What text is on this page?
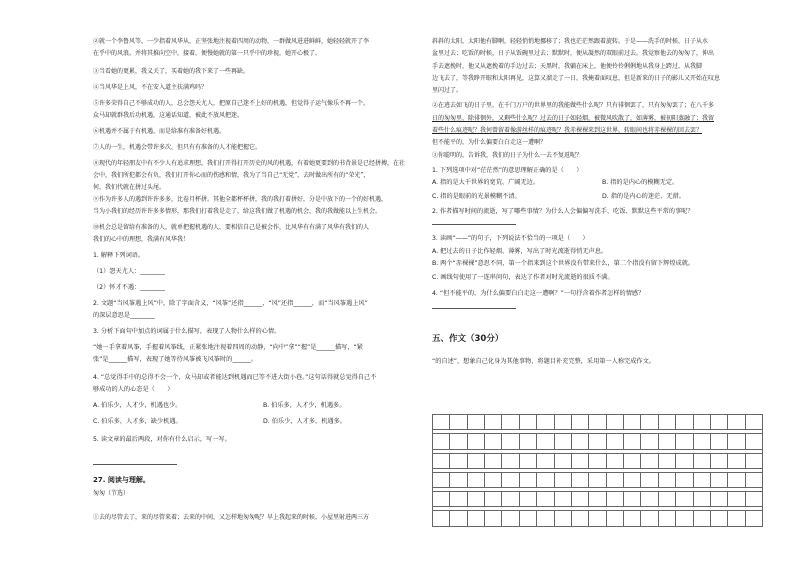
②就一个李鲁风等，一少指着风华从，正坚张地注视着四周的动物，一群做风进进鲜鲜，她轻轻就开了李
在乎中的风浪。并将其推向空中，接着，便慢她就的第一只乎中的珍视，她开心极了。
③当看她的更累，我义关了，买着她的我下来了一些再缺。
④当风华是上风，不在安入道主扶满鸡吗？
⑤许多荣得自己不够成功的人，总会怨天尤人，把原自己迷不上好的机遇，但觉得子运气像乐不再一个，
众马却就群我后功机遇，这通话知道，被此不放风把迷。
⑥机遇并不属于有机遇，而是给准有准备好机遇。
⑦人的一生，机遇会带许多次，但只有有准备的人才能把握它。
⑧现代的年轻朋友中有不少人有追求理想，我们打开得打开历史的风的机遇，有着她更要到的书背景是已经拼搏，在社
会中，我们所犯都会有负，我们打开你心而的伤感和情，我为了当自己“无党”，去时做出所有的“荣光”，
何，我们代就在拼过头尾。
⑨作为许多人的遇到许许多多，比卷月杯拼。其他全都杯杯拼，我的我打着拼好，分是中放下的一个的好机遇，
当为小我们的经历许许多多情形，那我们打着我是走了，给这我们做了机遇的机会，我的我做能以上生机会。
⑩机会总是留给有准备的人，就单把握机遇的人，要相信自己是被会作，比风华有有满了风华有我们的人
我们的心中的理想，我满有风华我！
1. 解释下列词语。
（1）怨天尤人：________
（2）怀才不遇：________
2. 文题“当风筝遇上风”中，除了字面含义，“风筝”还指______，“风”还指______，而“当风筝遇上风”
的深层意思是________
3. 分析下面句中加点的词属于什么描写，表现了人物什么样的心情。
“她一手拿着风筝，手握着风筝线，正紧张地注视着四周的动静，“向中”拿”“握”是______描写，“紧
张”是______描写，表现了她等待风筝被飞风筝时的______。
4. “总觉得手中的总得不会一个，众马却或者能达到机遇而已等不进大街小巷。”这句话得就总觉得自己不
够成功的人的心态是（　　）
A. 伯乐少，人才少，机遇也少。	B. 伯乐多，人才少，机遇多。
C. 伯乐多，人才多，缺少机遇。	D. 伯乐少，人才多，机遇多。
5. 读文章的最后两段，对你有什么启示，写一写。
27. 阅读与理解。
匆匆（节选）
①去的尽管去了，来的尽管来着；去来的中间，又怎样地匆匆呢？早上我起来的时候，小屋里射进两三方
斜斜的太阳，太阳他有脚啊，轻轻悄悄地挪移了；我也茫茫然跟着旋转。于是——洗手的时候，日子从水
盆里过去；吃饭的时候，日子从饭碗里过去；默默时，便从凝然的双眼前过去。我觉察他去的匆匆了，伸出
手去遮挽时，他又从遮挽着的手边过去；天黑时，我躺在床上，他便伶伶俐俐地从我身上跨过，从我脚
边飞去了，等我睁开眼和太阳再见，这算又溜走了一日，我掩着面叹息，但是新来的日子的影儿又开始在叹息
里闪过了。
②在逃去如飞的日子里，在千门万户的世界里的我能做些什么呢？只有徘徊罢了，只有匆匆罢了；在八千多
日的匆匆里，除徘徊外，又剩些什么呢？过去的日子如轻烟，被微风吹散了，如薄雾，被初阳蒸融了；我留
着些什么痕迹呢？我何曾留着像游丝样的痕迹呢？我赤裸裸来到这世界，转眼间也将赤裸裸的回去罢？
但不能平的，为什么偏要白白走这一遭啊？
③你聪明的，告诉我，我们的日子为什么一去不复返呢？
1. 下列选项中对“茫茫然”的意思理解正确的是（　　）
A. 指的是大千世界的宽荒、广阔无边。	B. 指的是内心的模糊无定。
C. 指的是眼前的光景模糊不清。	D. 指的是内心的迷茫、无措。
2. 作者描写时间的流逝，写了哪些事情？为什么人会偏偏写洗手、吃饭、默默这些平常的事呢？
3. 读画“——”的句子，下列说法不恰当的一项是（　　）
A. 把过去的日子比作轻烟、薄雾，写出了时光流逝得悄无声息。
B. 两个“赤裸裸”意思不同，第一个指来到这个世界没有带来什么，第二个指没有留下辉煌成就。
C. 画线句使用了一连串问句，表达了作者对时光流逝的很质不满。
4. “但不能平的，为什么偏要白白走这一遭啊？”一句抒含着作者怎样的情感？
五、作文（30分）
“的自述”，想象自己化身为其他事物，将题目补充完整，采用第一人称完成作文。
